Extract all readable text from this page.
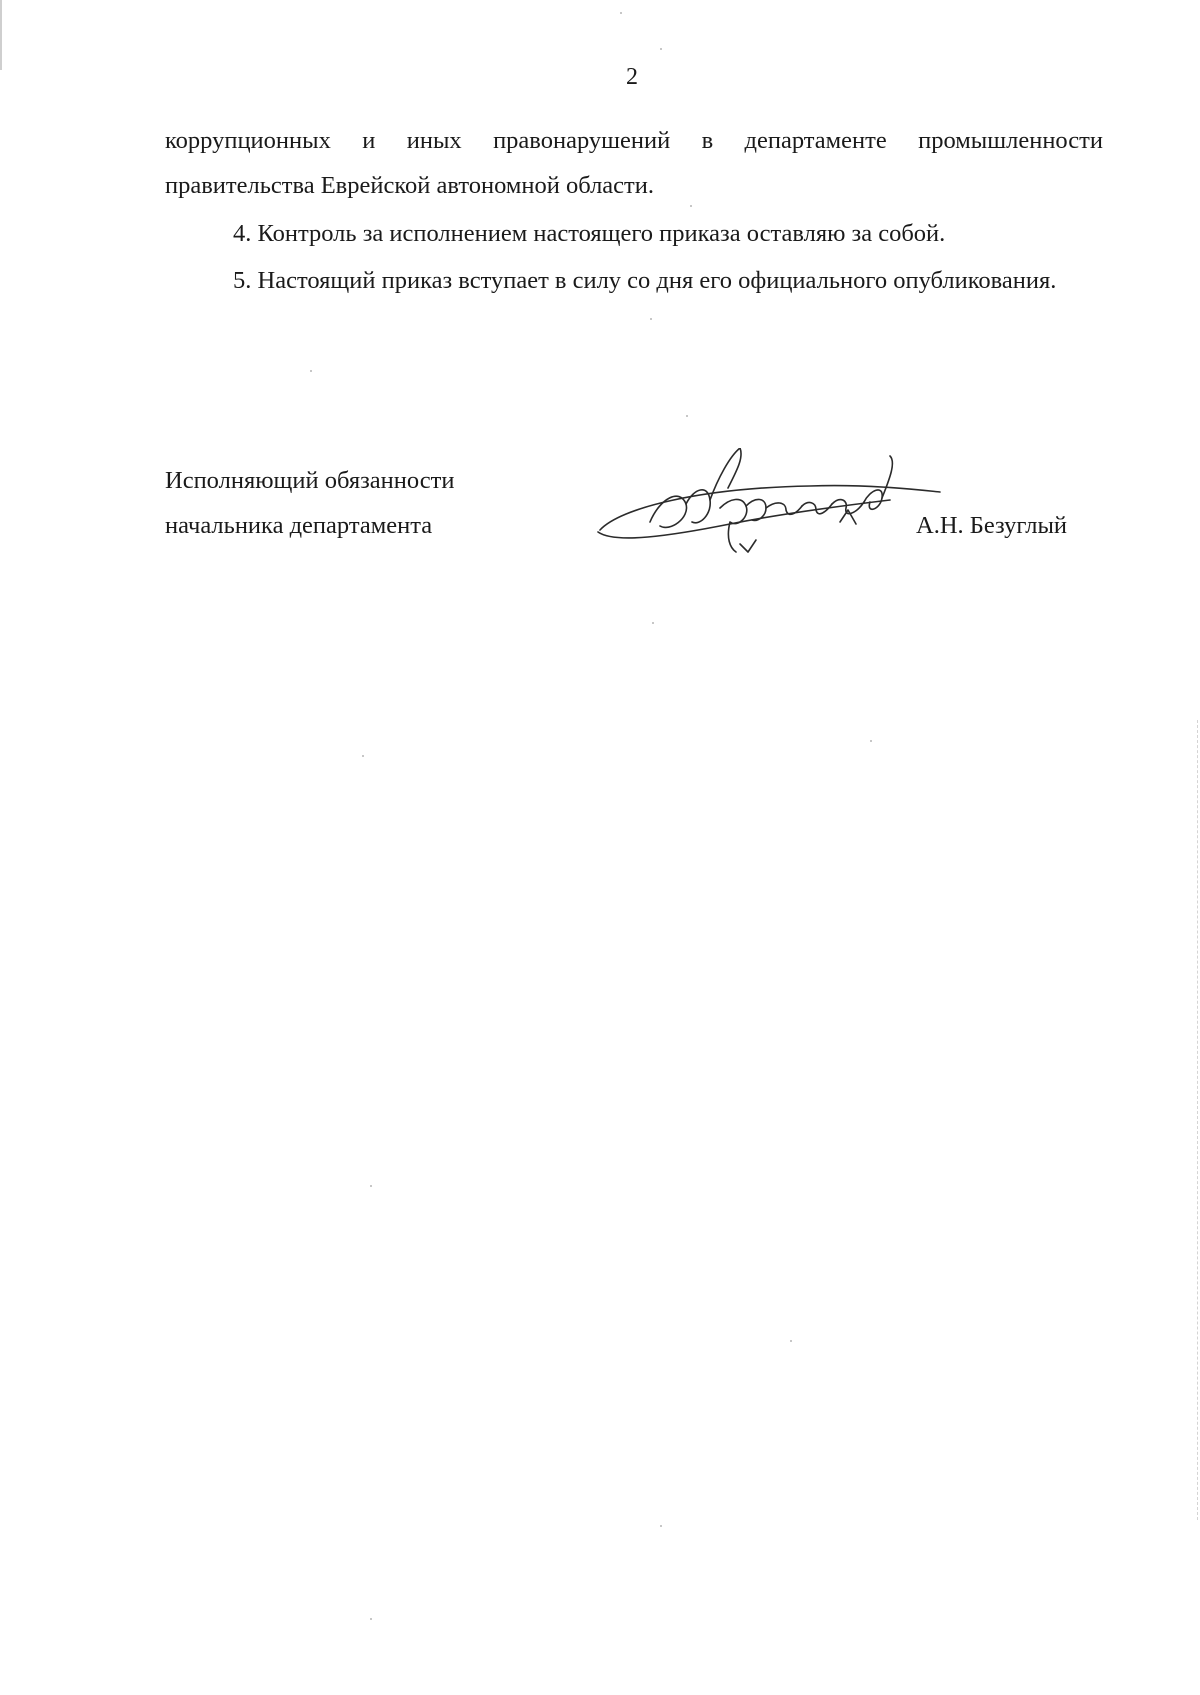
2
коррупционных и иных правонарушений в департаменте промышленности правительства Еврейской автономной области.
4. Контроль за исполнением настоящего приказа оставляю за собой.
5. Настоящий приказ вступает в силу со дня его официального опубликования.
Исполняющий обязанности
начальника департамента	А.Н. Безуглый
